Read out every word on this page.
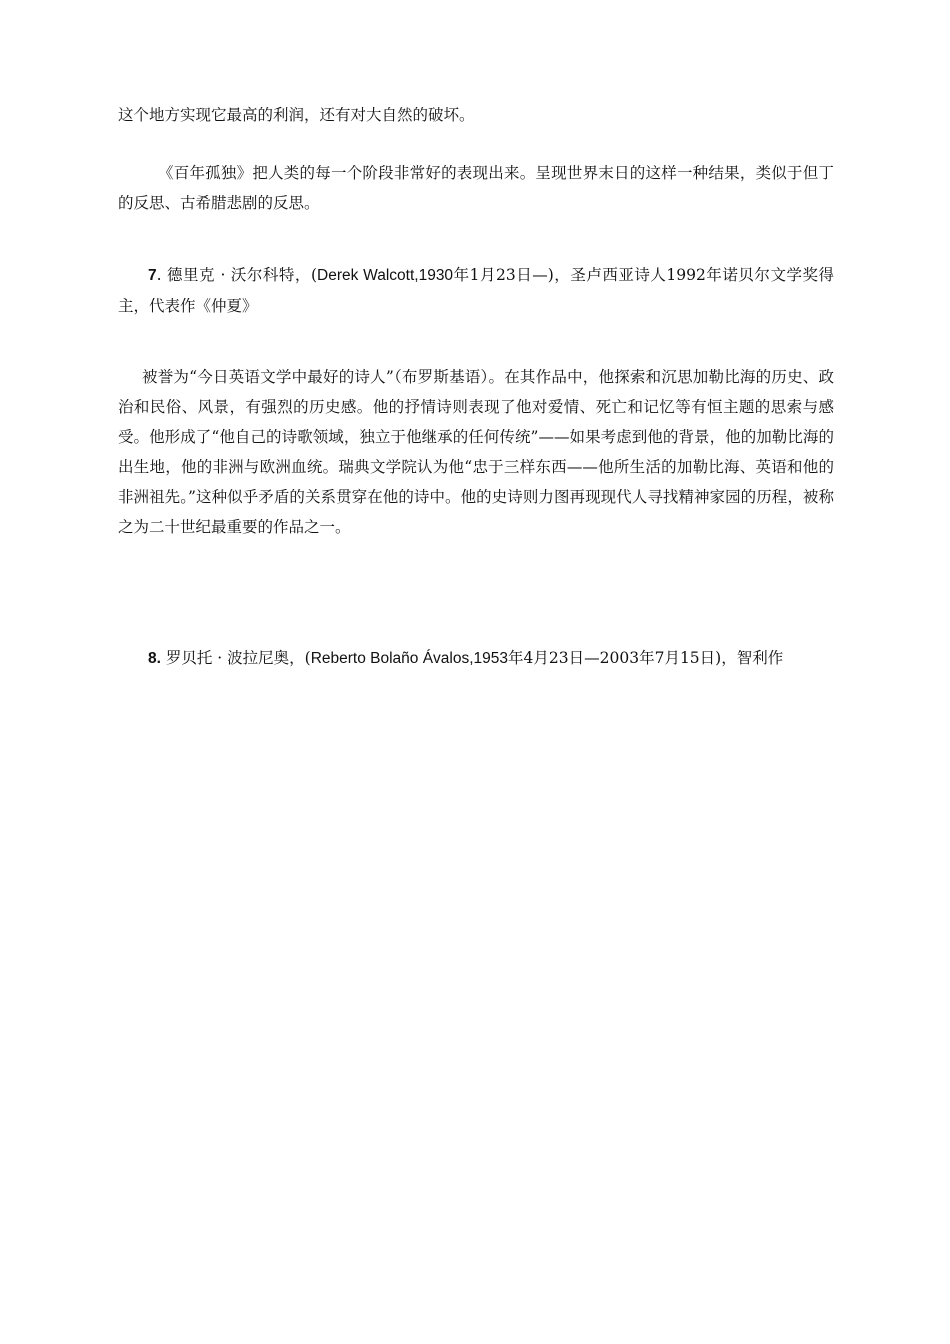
这个地方实现它最高的利润，还有对大自然的破坏。

《百年孤独》把人类的每一个阶段非常好的表现出来。呈现世界末日的这样一种结果，类似于但丁的反思、古希腊悲剧的反思。

7. 德里克 · 沃尔科特，(Derek Walcott,1930年1月23日—)，圣卢西亚诗人1992年诺贝尔文学奖得主，代表作《仲夏》

被誉为“今日英语文学中最好的诗人”（布罗斯基语）。在其作品中，他探索和沉思加勒比海的历史、政治和民俗、风景，有强烈的历史感。他的抒情诗则表现了他对爱情、死亡和记忆等有恒主题的思索与感受。他形成了“他自己的诗歌领域，独立于他继承的任何传统”——如果考虑到他的背景，他的加勒比海的出生地，他的非洲与欧洲血统。瑞典文学院认为他“忠于三样东西——他所生活的加勒比海、英语和他的非洲祖先。”这种似乎矛盾的关系贯穿在他的诗中。他的史诗则力图再现现代人寻找精神家园的历程，被称之为二十世纪最重要的作品之一。

8. 罗贝托 · 波拉尼奥，(Reberto Bolaño Ávalos,1953年4月23日—2003年7月15日)，智利作
